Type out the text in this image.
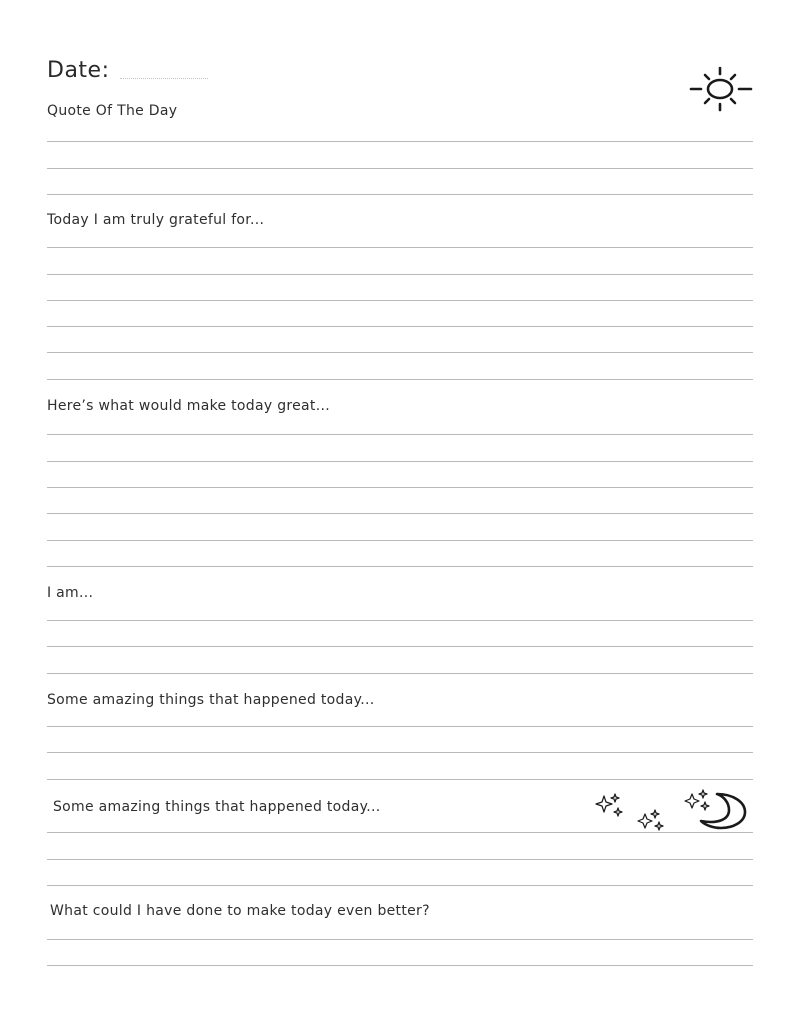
Date:
Quote Of The Day
Today I am truly grateful for...
Here’s what would make today great...
I am...
Some amazing things that happened today...
Some amazing things that happened today...
What could I have done to make today even better?
